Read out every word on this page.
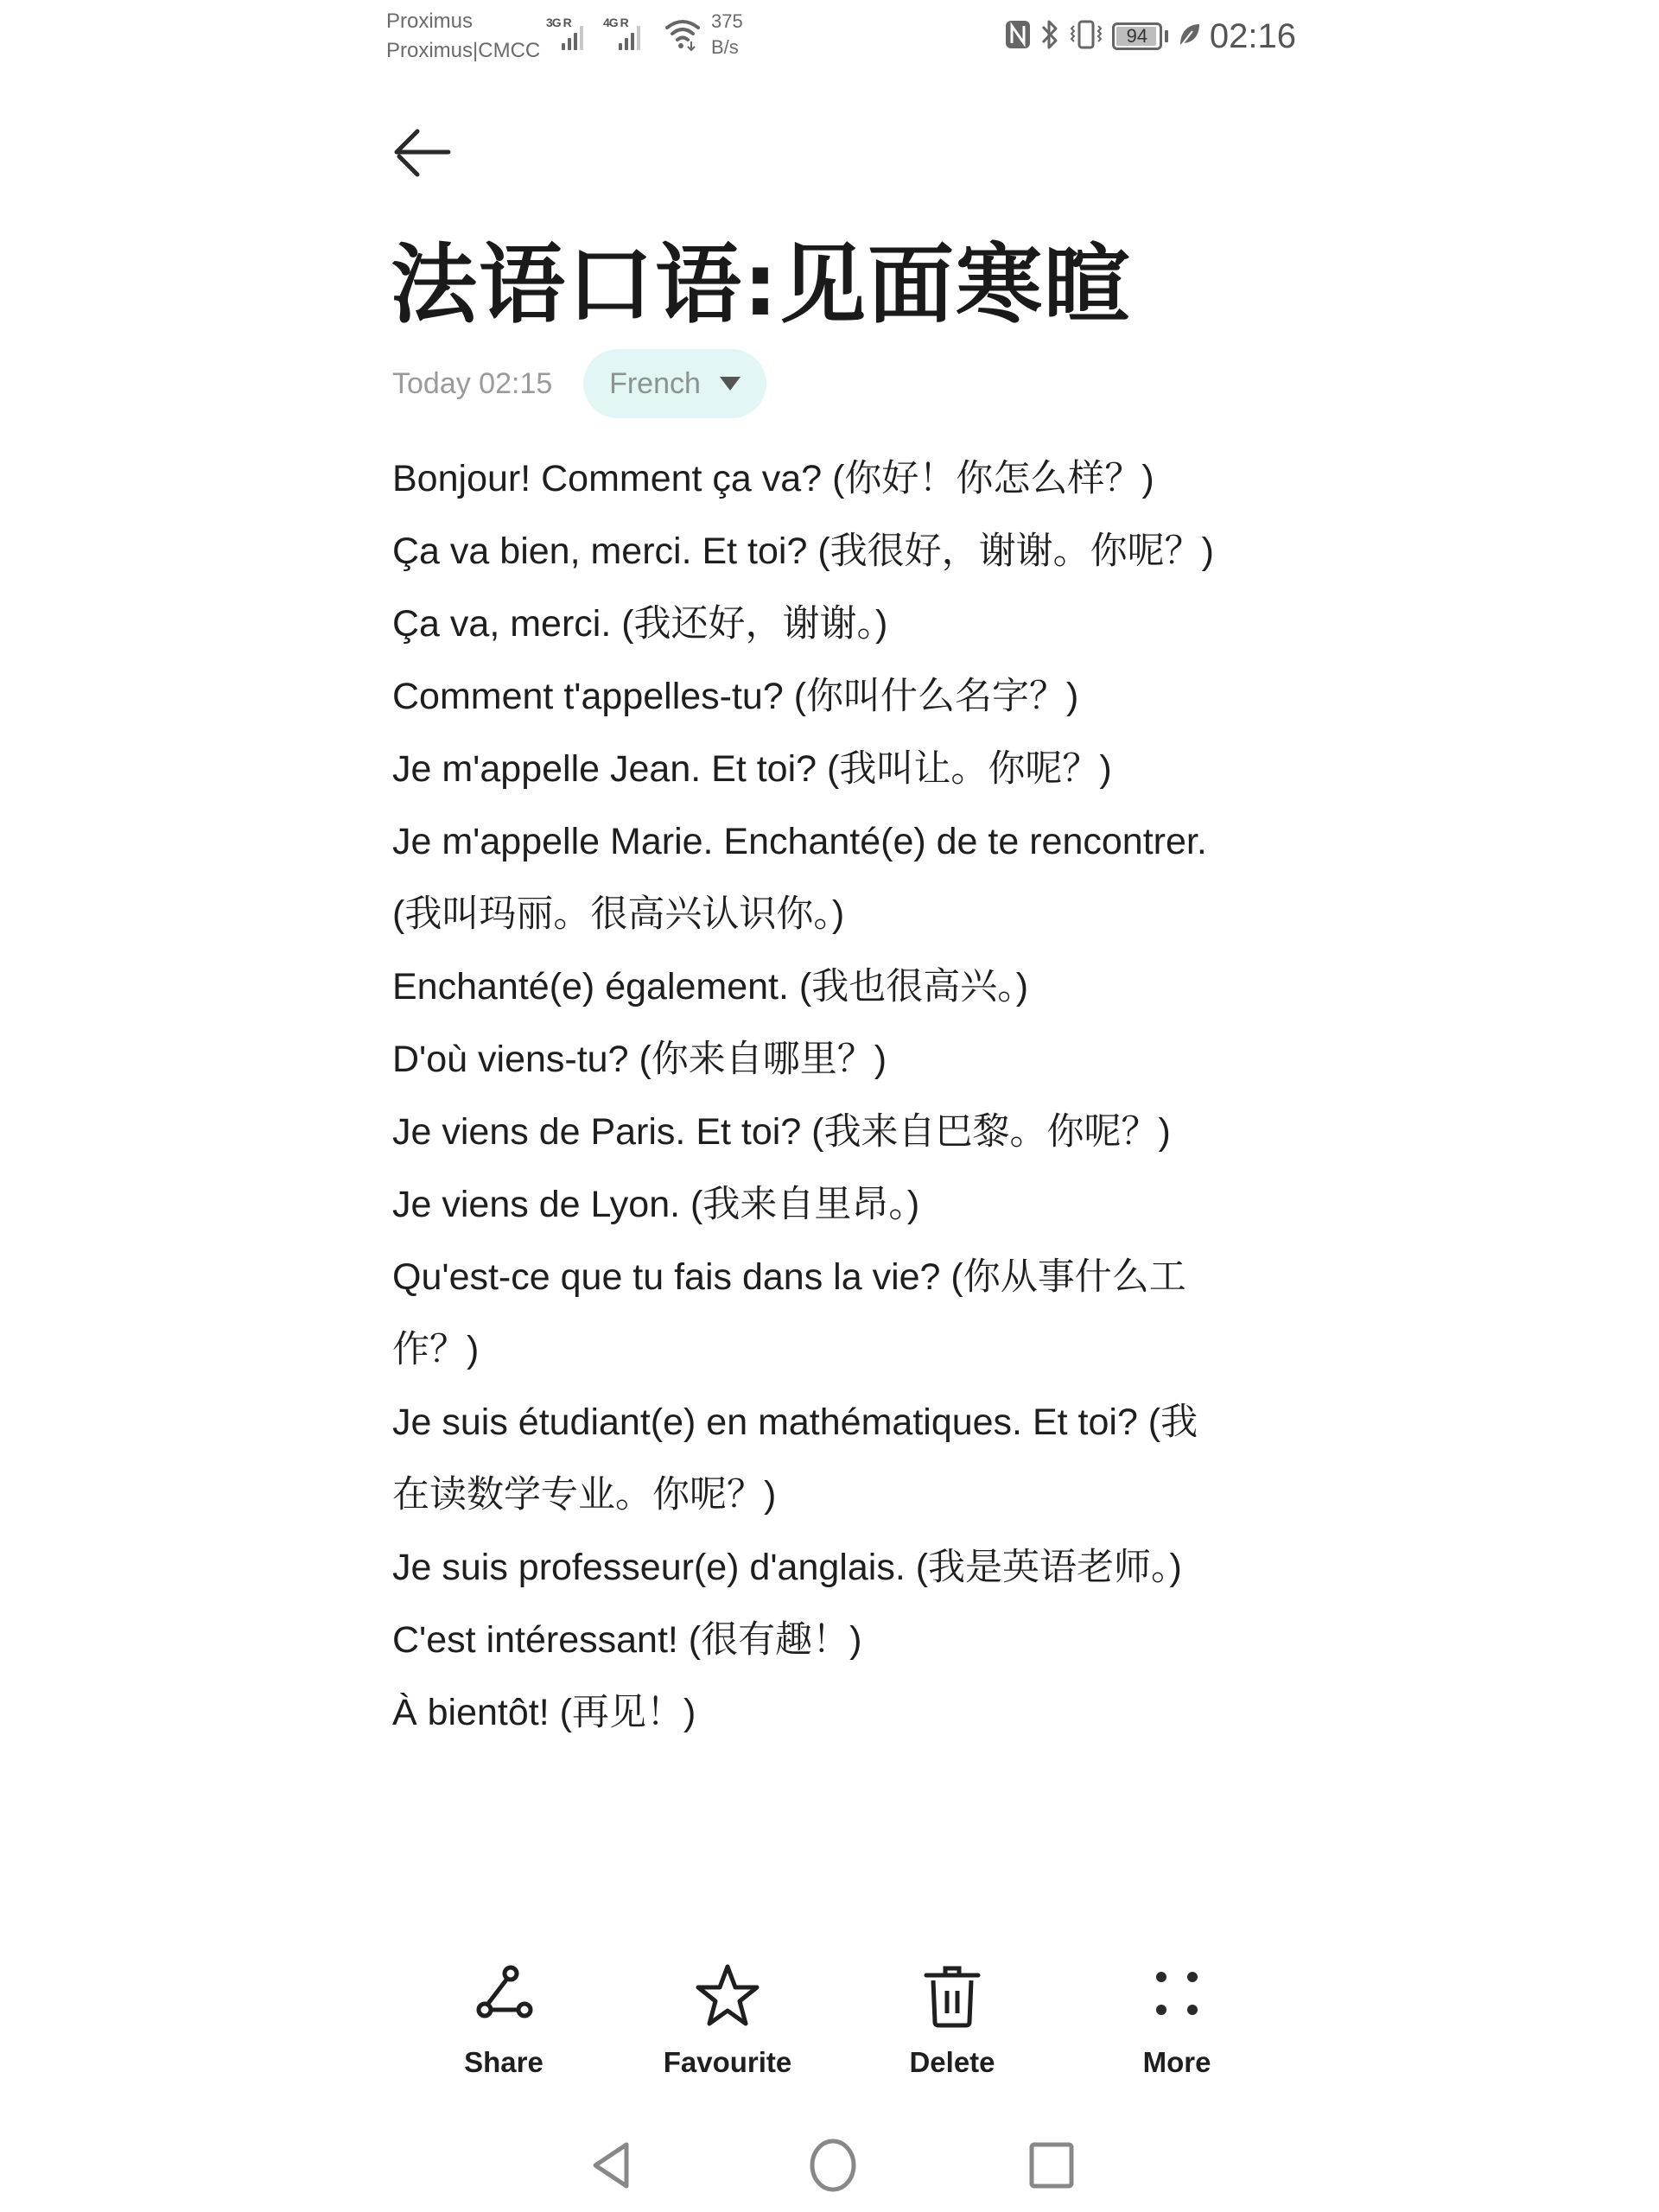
Proximus
Proximus|CMCC
3G R	4G R	375
B/s
94 02:16
法语口语:见面寒暄
Today 02:15 French
Bonjour! Comment ça va? (你好！你怎么样？)
Ça va bien, merci. Et toi? (我很好，谢谢。你呢？)
Ça va, merci. (我还好，谢谢。)
Comment t'appelles-tu? (你叫什么名字？)
Je m'appelle Jean. Et toi? (我叫让。你呢？)
Je m'appelle Marie. Enchanté(e) de te rencontrer.
(我叫玛丽。很高兴认识你。)
Enchanté(e) également. (我也很高兴。)
D'où viens-tu? (你来自哪里？)
Je viens de Paris. Et toi? (我来自巴黎。你呢？)
Je viens de Lyon. (我来自里昂。)
Qu'est-ce que tu fais dans la vie? (你从事什么工
作？)
Je suis étudiant(e) en mathématiques. Et toi? (我
在读数学专业。你呢？)
Je suis professeur(e) d'anglais. (我是英语老师。)
C'est intéressant! (很有趣！)
À bientôt! (再见！)
Share	Favourite	Delete	More
